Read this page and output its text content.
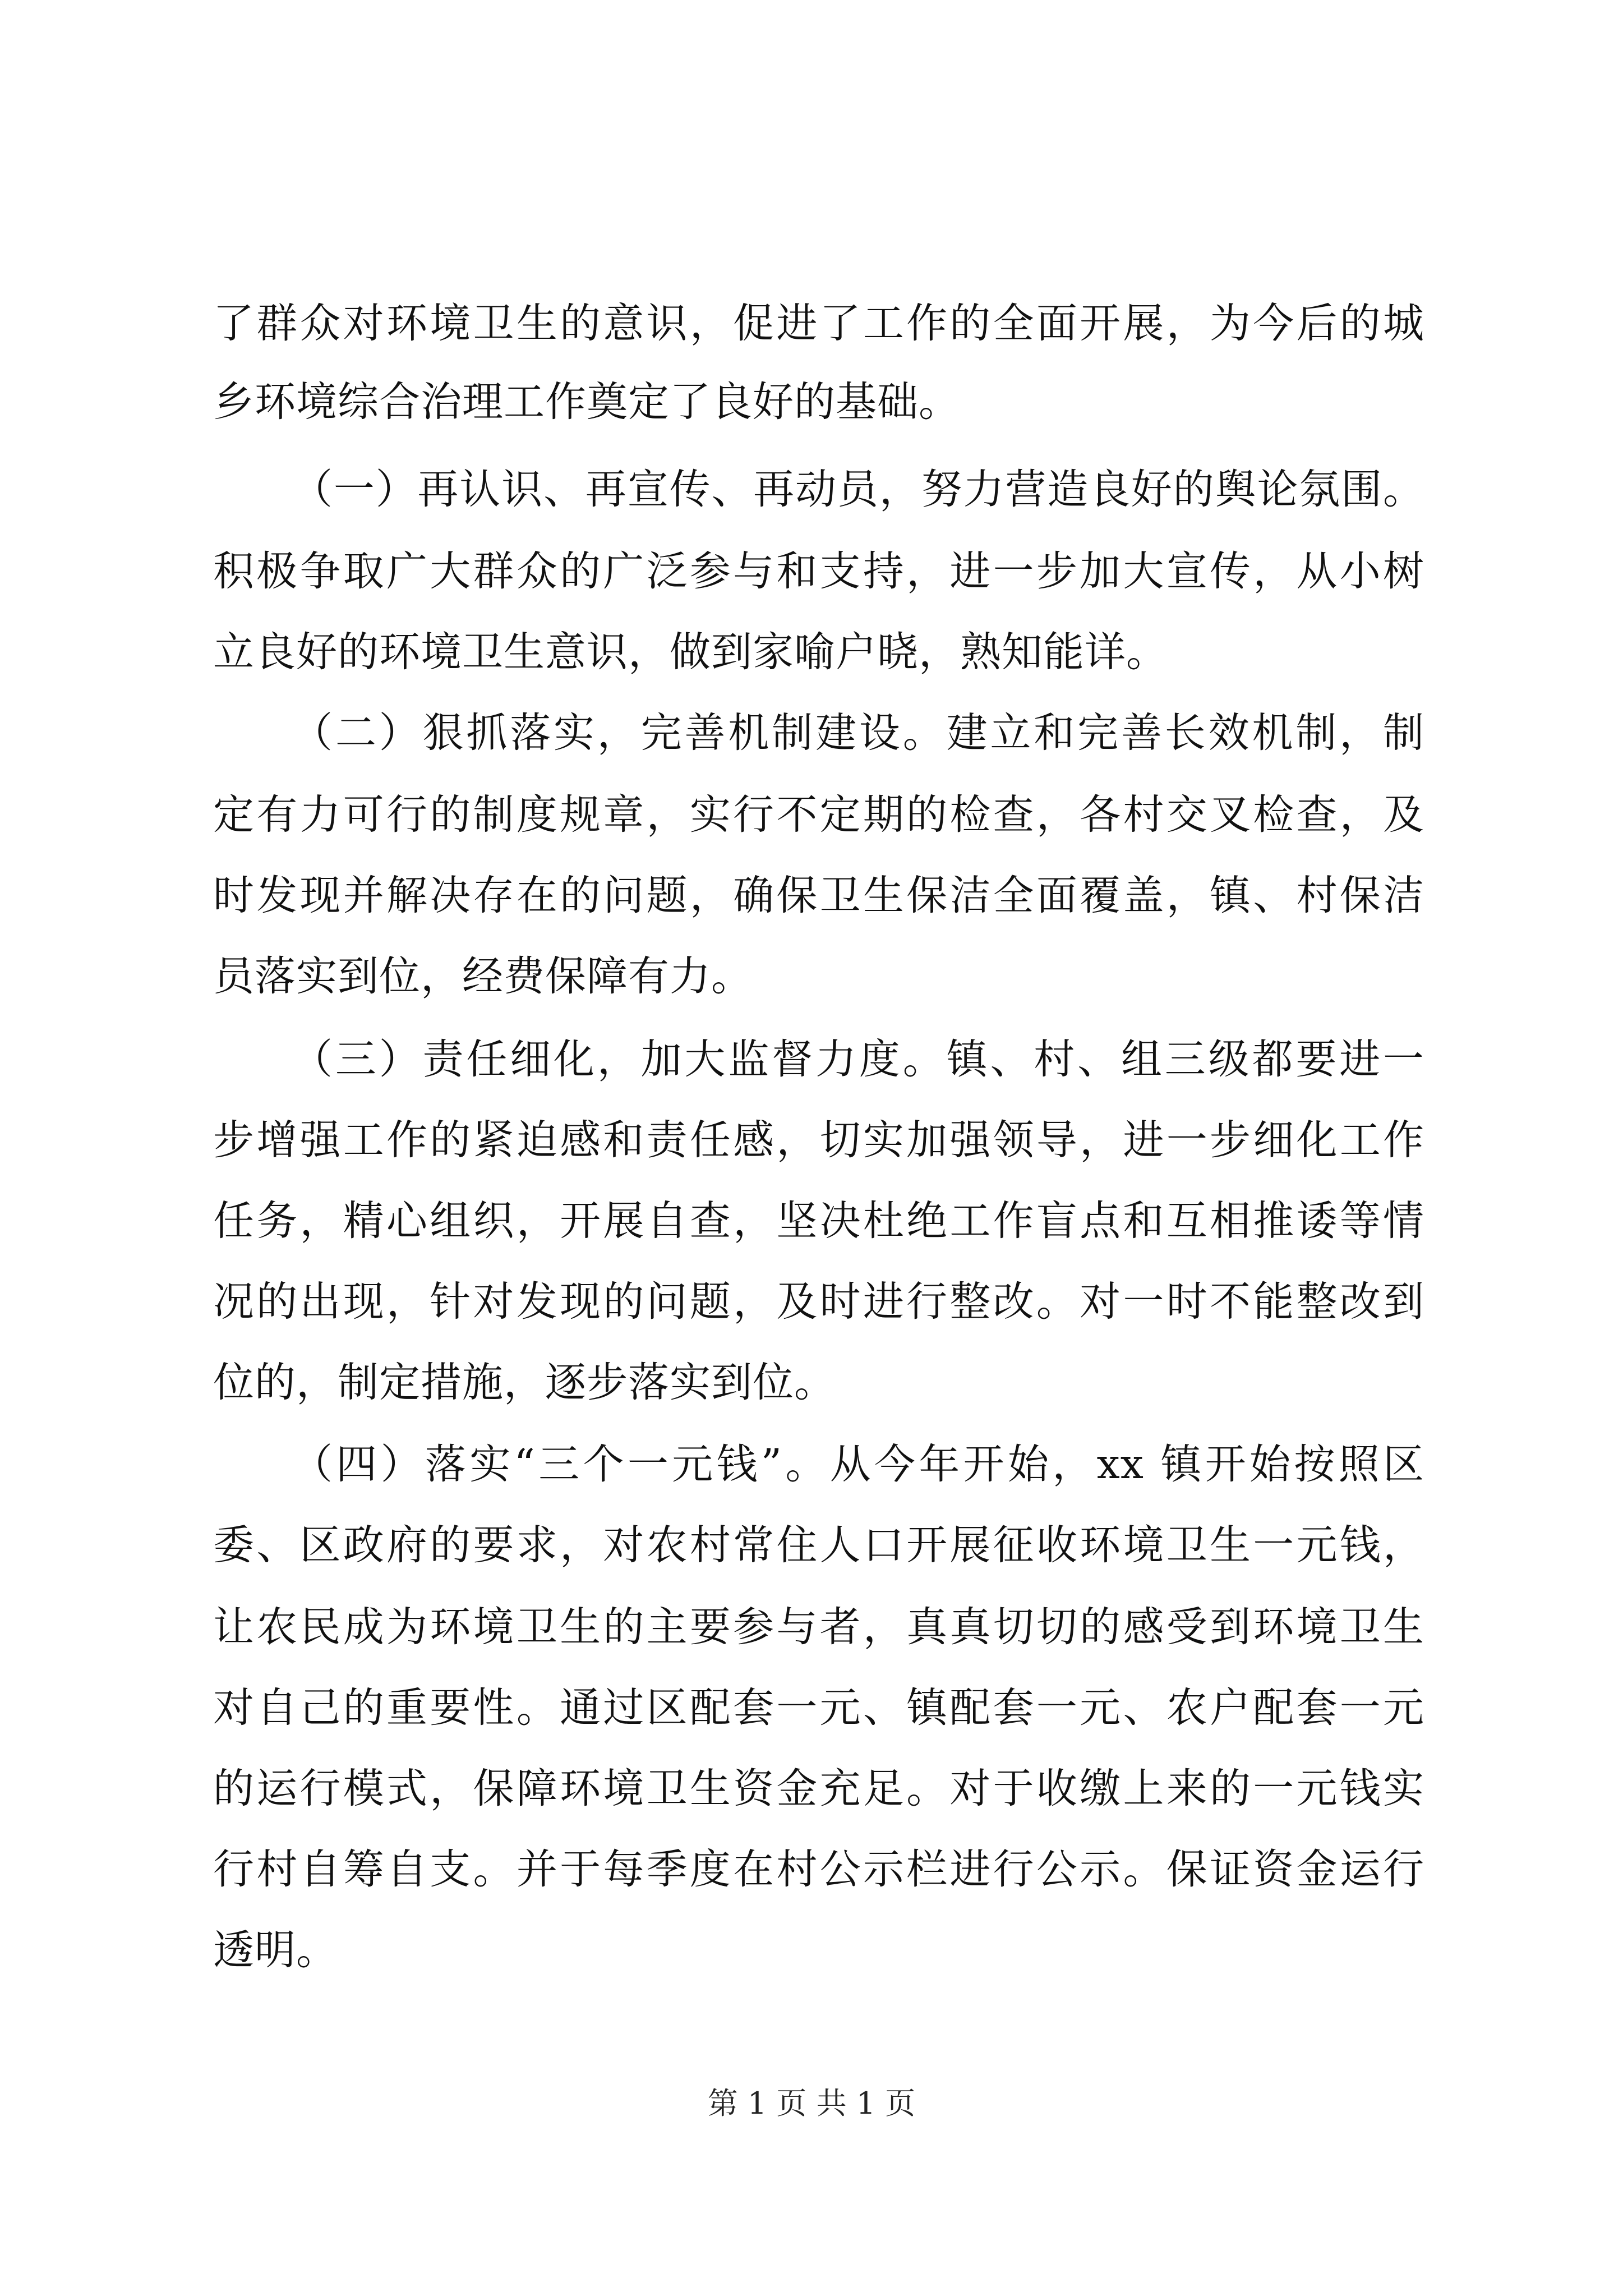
了群众对环境卫生的意识，促进了工作的全面开展，为今后的城
乡环境综合治理工作奠定了良好的基础。
（一）再认识、再宣传、再动员，努力营造良好的舆论氛围。
积极争取广大群众的广泛参与和支持，进一步加大宣传，从小树
立良好的环境卫生意识，做到家喻户晓，熟知能详。
（二）狠抓落实，完善机制建设。建立和完善长效机制，制
定有力可行的制度规章，实行不定期的检查，各村交叉检查，及
时发现并解决存在的问题，确保卫生保洁全面覆盖，镇、村保洁
员落实到位，经费保障有力。
（三）责任细化，加大监督力度。镇、村、组三级都要进一
步增强工作的紧迫感和责任感，切实加强领导，进一步细化工作
任务，精心组织，开展自查，坚决杜绝工作盲点和互相推诿等情
况的出现，针对发现的问题，及时进行整改。对一时不能整改到
位的，制定措施，逐步落实到位。
（四）落实“三个一元钱”。从今年开始，xx 镇开始按照区
委、区政府的要求，对农村常住人口开展征收环境卫生一元钱，
让农民成为环境卫生的主要参与者，真真切切的感受到环境卫生
对自己的重要性。通过区配套一元、镇配套一元、农户配套一元
的运行模式，保障环境卫生资金充足。对于收缴上来的一元钱实
行村自筹自支。并于每季度在村公示栏进行公示。保证资金运行
透明。
第 1 页 共 1 页
